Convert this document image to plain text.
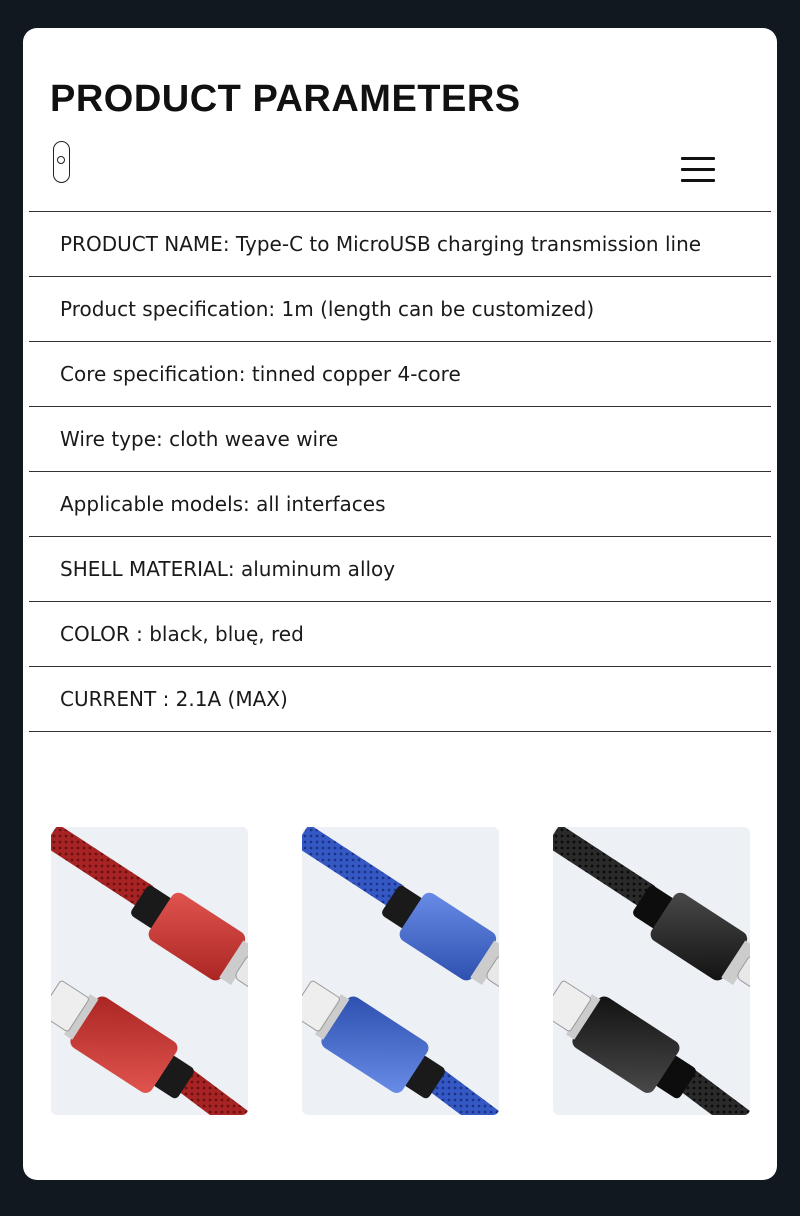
PRODUCT PARAMETERS
PRODUCT NAME: Type-C to MicroUSB charging transmission line
Product specification: 1m (length can be customized)
Core specification: tinned copper 4-core
Wire type: cloth weave wire
Applicable models: all interfaces
SHELL MATERIAL: aluminum alloy
COLOR : black, bluę, red
CURRENT : 2.1A (MAX)
